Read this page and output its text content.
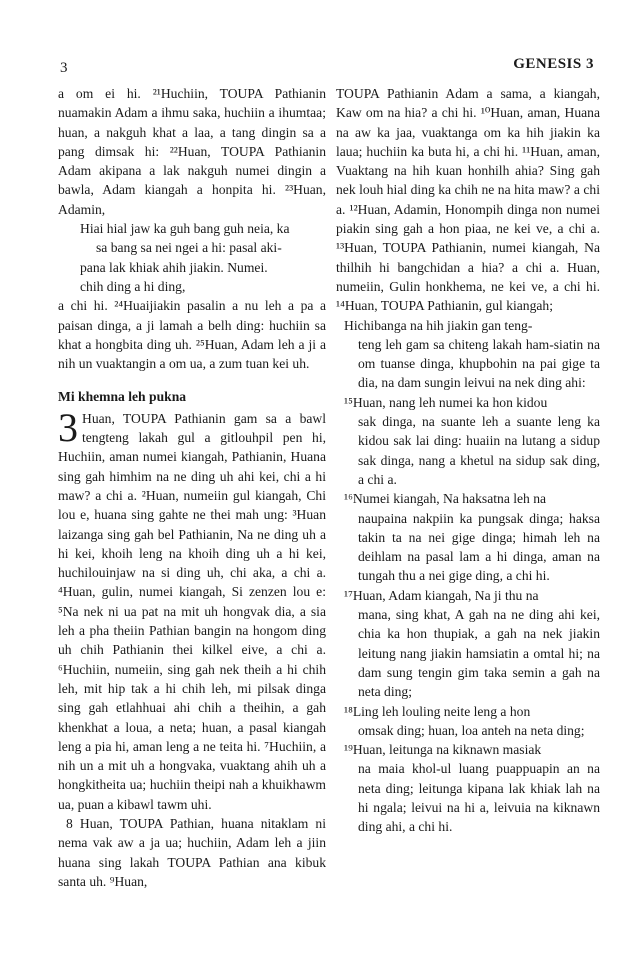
3	GENESIS 3

a om ei hi. ²¹Huchiin, TOUPA Pathianin nuamakin Adam a ihmu saka, huchiin a ihumtaa; huan, a nakguh khat a laa, a tang dingin sa a pang dimsak hi: ²²Huan, TOUPA Pathianin Adam akipana a lak nakguh numei dingin a bawla, Adam kiangah a honpita hi. ²³Huan, Adamin,

Hiai hial jaw ka guh bang guh neia, ka

sa bang sa nei ngei a hi: pasal aki-

pana lak khiak ahih jiakin. Numei.

chih ding a hi ding,

a chi hi. ²⁴Huaijiakin pasalin a nu leh a pa a paisan dinga, a ji lamah a belh ding: huchiin sa khat a hongbita ding uh. ²⁵Huan, Adam leh a ji a nih un vuaktangin a om ua, a zum tuan kei uh.

Mi khemna leh pukna

3 Huan, TOUPA Pathianin gam sa a bawl tengteng lakah gul a gitlouhpil pen hi, Huchiin, aman numei kiangah, Pathianin, Huana sing gah himhim na ne ding uh ahi kei, chi a hi maw? a chi a. ²Huan, numeiin gul kiangah, Chi lou e, huana sing gahte ne thei mah ung: ³Huan laizanga sing gah bel Pathianin, Na ne ding uh a hi kei, khoih leng na khoih ding uh a hi kei, huchilouinjaw na si ding uh, chi aka, a chi a. ⁴Huan, gulin, numei kiangah, Si zenzen lou e: ⁵Na nek ni ua pat na mit uh hongvak dia, a sia leh a pha theiin Pathian bangin na hongom ding uh chih Pathianin thei kilkel eive, a chi a. ⁶Huchiin, numeiin, sing gah nek theih a hi chih leh, mit hip tak a hi chih leh, mi pilsak dinga sing gah etlahhuai ahi chih a theihin, a gah khenkhat a loua, a neta; huan, a pasal kiangah leng a pia hi, aman leng a ne teita hi. ⁷Huchiin, a nih un a mit uh a hongvaka, vuaktang ahih uh a hongkitheita ua; huchiin theipi nah a khuikhawm ua, puan a kibawl tawm uhi.

8 Huan, TOUPA Pathian, huana nitaklam ni nema vak aw a ja ua; huchiin, Adam leh a jiin huana sing lakah TOUPA Pathian ana kibuk santa uh. ⁹Huan,

TOUPA Pathianin Adam a sama, a kiangah, Kaw om na hia? a chi hi. ¹⁰Huan, aman, Huana na aw ka jaa, vuaktanga om ka hih jiakin ka laua; huchiin ka buta hi, a chi hi. ¹¹Huan, aman, Vuaktang na hih kuan honhilh ahia? Sing gah nek louh hial ding ka chih ne na hita maw? a chi a. ¹²Huan, Adamin, Honompih dinga non numei piakin sing gah a hon piaa, ne kei ve, a chi a. ¹³Huan, TOUPA Pathianin, numei kiangah, Na thilhih hi bangchidan a hia? a chi a. Huan, numeiin, Gulin honkhema, ne kei ve, a chi hi. ¹⁴Huan, TOUPA Pathianin, gul kiangah;

Hichibanga na hih jiakin gan teng-

teng leh gam sa chiteng lakah ham-siatin na om tuanse dinga, khupbohin na pai gige ta dia, na dam sungin leivui na nek ding ahi:

¹⁵Huan, nang leh numei ka hon kidou

sak dinga, na suante leh a suante leng ka kidou sak lai ding: huaiin na lutang a sidup sak dinga, nang a khetul na sidup sak ding, a chi a.

¹⁶Numei kiangah, Na haksatna leh na

naupaina nakpiin ka pungsak dinga; haksa takin ta na nei gige dinga; himah leh na deihlam na pasal lam a hi dinga, aman na tungah thu a nei gige ding, a chi hi.

¹⁷Huan, Adam kiangah, Na ji thu na

mana, sing khat, A gah na ne ding ahi kei, chia ka hon thupiak, a gah na nek jiakin leitung nang jiakin hamsiatin a omtal hi; na dam sung tengin gim taka semin a gah na neta ding;

¹⁸Ling leh louling neite leng a hon

omsak ding; huan, loa anteh na neta ding;

¹⁹Huan, leitunga na kiknawn masiak

na maia khol-ul luang puappuapin an na neta ding; leitunga kipana lak khiak lah na hi ngala; leivui na hi a, leivuia na kiknawn ding ahi, a chi hi.
